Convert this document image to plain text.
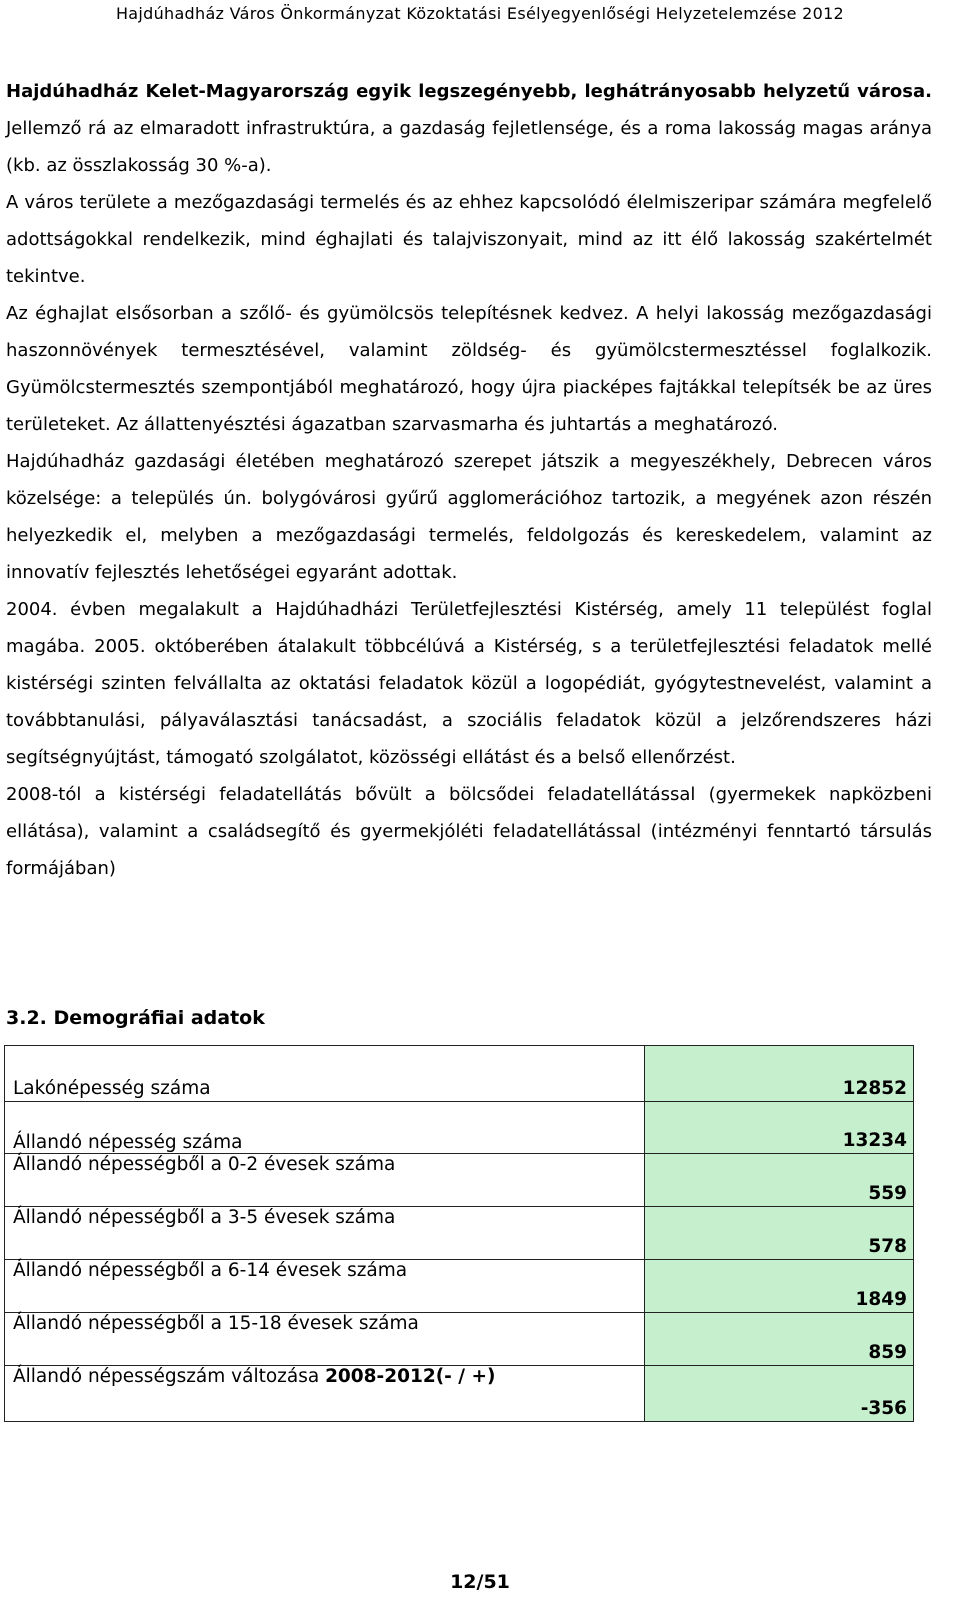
Hajdúhadház Város Önkormányzat Közoktatási Esélyegyenlőségi Helyzetelemzése 2012

Hajdúhadház Kelet-Magyarország egyik legszegényebb, leghátrányosabb helyzetű városa. Jellemző rá az elmaradott infrastruktúra, a gazdaság fejletlensége, és a roma lakosság magas aránya (kb. az összlakosság 30 %-a).

A város területe a mezőgazdasági termelés és az ehhez kapcsolódó élelmiszeripar számára megfelelő adottságokkal rendelkezik, mind éghajlati és talajviszonyait, mind az itt élő lakosság szakértelmét tekintve.

Az éghajlat elsősorban a szőlő- és gyümölcsös telepítésnek kedvez. A helyi lakosság mezőgazdasági haszonnövények termesztésével, valamint zöldség- és gyümölcstermesztéssel foglalkozik. Gyümölcstermesztés szempontjából meghatározó, hogy újra piacképes fajtákkal telepítsék be az üres területeket. Az állattenyésztési ágazatban szarvasmarha és juhtartás a meghatározó.

Hajdúhadház gazdasági életében meghatározó szerepet játszik a megyeszékhely, Debrecen város közelsége: a település ún. bolygóvárosi gyűrű agglomerációhoz tartozik, a megyének azon részén helyezkedik el, melyben a mezőgazdasági termelés, feldolgozás és kereskedelem, valamint az innovatív fejlesztés lehetőségei egyaránt adottak.

2004. évben megalakult a Hajdúhadházi Területfejlesztési Kistérség, amely 11 települést foglal magába. 2005. októberében átalakult többcélúvá a Kistérség, s a területfejlesztési feladatok mellé kistérségi szinten felvállalta az oktatási feladatok közül a logopédiát, gyógytestnevelést, valamint a továbbtanulási, pályaválasztási tanácsadást, a szociális feladatok közül a jelzőrendszeres házi segítségnyújtást, támogató szolgálatot, közösségi ellátást és a belső ellenőrzést.

2008-tól a kistérségi feladatellátás bővült a bölcsődei feladatellátással (gyermekek napközbeni ellátása), valamint a családsegítő és gyermekjóléti feladatellátással (intézményi fenntartó társulás formájában)

3.2. Demográfiai adatok
Lakónépesség száma	12852
Állandó népesség száma	13234
Állandó népességből a 0-2 évesek száma	559
Állandó népességből a 3-5 évesek száma	578
Állandó népességből a 6-14 évesek száma	1849
Állandó népességből a 15-18 évesek száma	859
Állandó népességszám változása 2008-2012(- / +)	-356
12/51
